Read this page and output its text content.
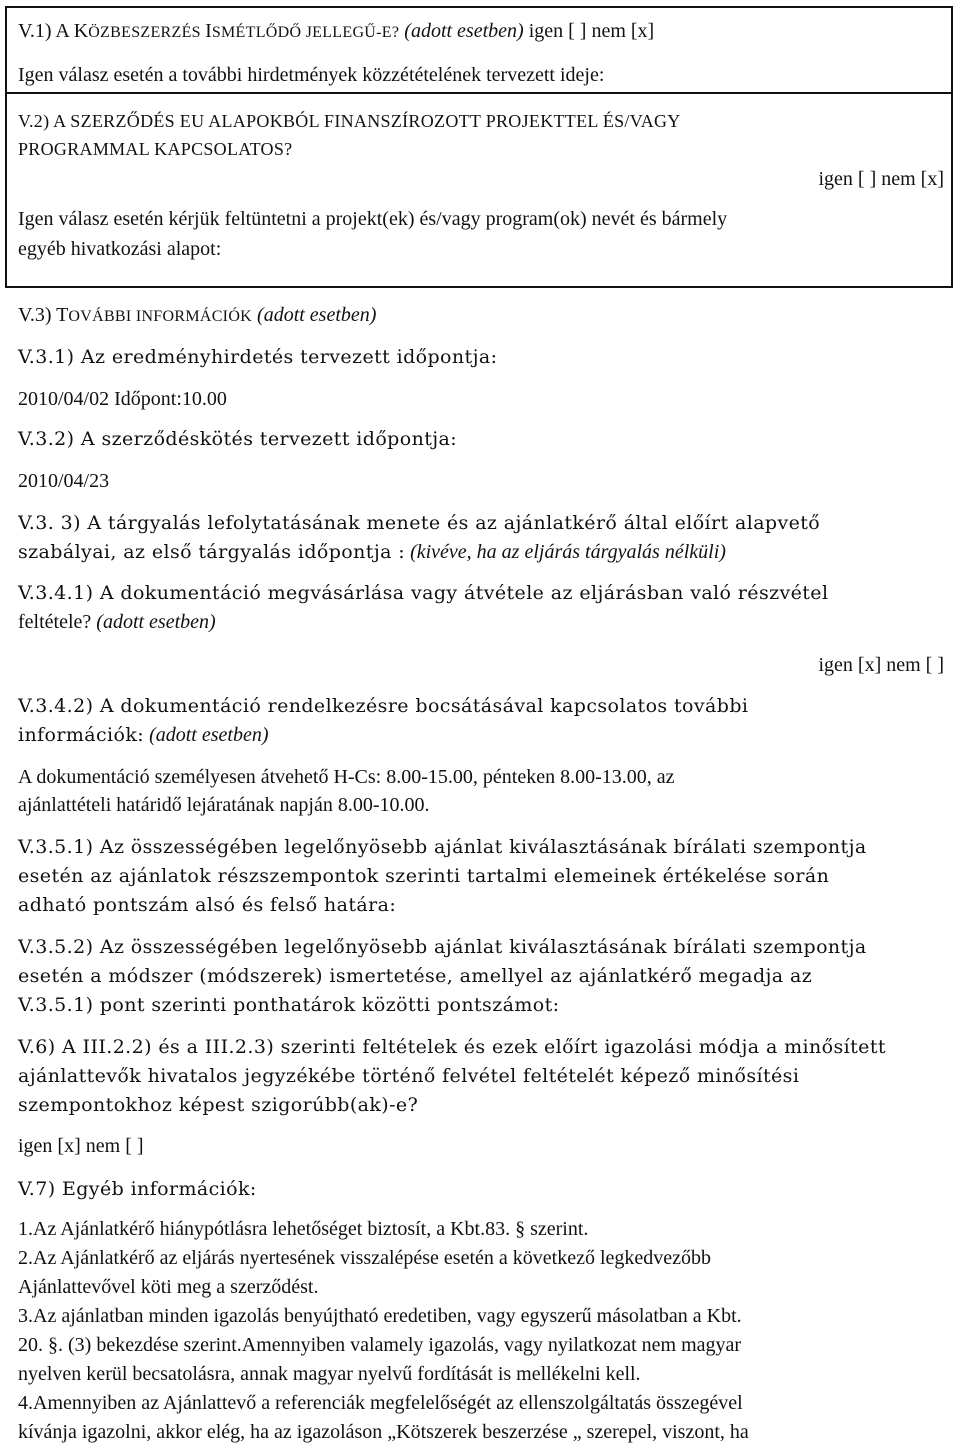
V.1) A KÖZBESZERZÉS ISMÉTLŐDŐ JELLEGŰ-E? (adott esetben) igen [ ] nem [x]

Igen válasz esetén a további hirdetmények közzétételének tervezett ideje:

V.2) A SZERZŐDÉS EU ALAPOKBÓL FINANSZÍROZOTT PROJEKTTEL ÉS/VAGY

PROGRAMMAL KAPCSOLATOS?

igen [ ] nem [x]

Igen válasz esetén kérjük feltüntetni a projekt(ek) és/vagy program(ok) nevét és bármely

egyéb hivatkozási alapot:

V.3) TOVÁBBI INFORMÁCIÓK (adott esetben)

V.3.1) Az eredményhirdetés tervezett időpontja:

2010/04/02 Időpont:10.00

V.3.2) A szerződéskötés tervezett időpontja:

2010/04/23

V.3. 3) A tárgyalás lefolytatásának menete és az ajánlatkérő által előírt alapvető

szabályai, az első tárgyalás időpontja : (kivéve, ha az eljárás tárgyalás nélküli)

V.3.4.1) A dokumentáció megvásárlása vagy átvétele az eljárásban való részvétel

feltétele? (adott esetben)

igen [x] nem [ ]

V.3.4.2) A dokumentáció rendelkezésre bocsátásával kapcsolatos további

információk: (adott esetben)

A dokumentáció személyesen átvehető H-Cs: 8.00-15.00, pénteken 8.00-13.00, az

ajánlattételi határidő lejáratának napján 8.00-10.00.

V.3.5.1) Az összességében legelőnyösebb ajánlat kiválasztásának bírálati szempontja

esetén az ajánlatok részszempontok szerinti tartalmi elemeinek értékelése során

adható pontszám alsó és felső határa:

V.3.5.2) Az összességében legelőnyösebb ajánlat kiválasztásának bírálati szempontja

esetén a módszer (módszerek) ismertetése, amellyel az ajánlatkérő megadja az

V.3.5.1) pont szerinti ponthatárok közötti pontszámot:

V.6) A III.2.2) és a III.2.3) szerinti feltételek és ezek előírt igazolási módja a minősített

ajánlattevők hivatalos jegyzékébe történő felvétel feltételét képező minősítési

szempontokhoz képest szigorúbb(ak)-e?

igen [x] nem [ ]

V.7) Egyéb információk:

1.Az Ajánlatkérő hiánypótlásra lehetőséget biztosít, a Kbt.83. § szerint.

2.Az Ajánlatkérő az eljárás nyertesének visszalépése esetén a következő legkedvezőbb

Ajánlattevővel köti meg a szerződést.

3.Az ajánlatban minden igazolás benyújtható eredetiben, vagy egyszerű másolatban a Kbt.

20. §. (3) bekezdése szerint.Amennyiben valamely igazolás, vagy nyilatkozat nem magyar

nyelven kerül becsatolásra, annak magyar nyelvű fordítását is mellékelni kell.

4.Amennyiben az Ajánlattevő a referenciák megfelelőségét az ellenszolgáltatás összegével

kívánja igazolni, akkor elég, ha az igazoláson „Kötszerek beszerzése „ szerepel, viszont, ha
